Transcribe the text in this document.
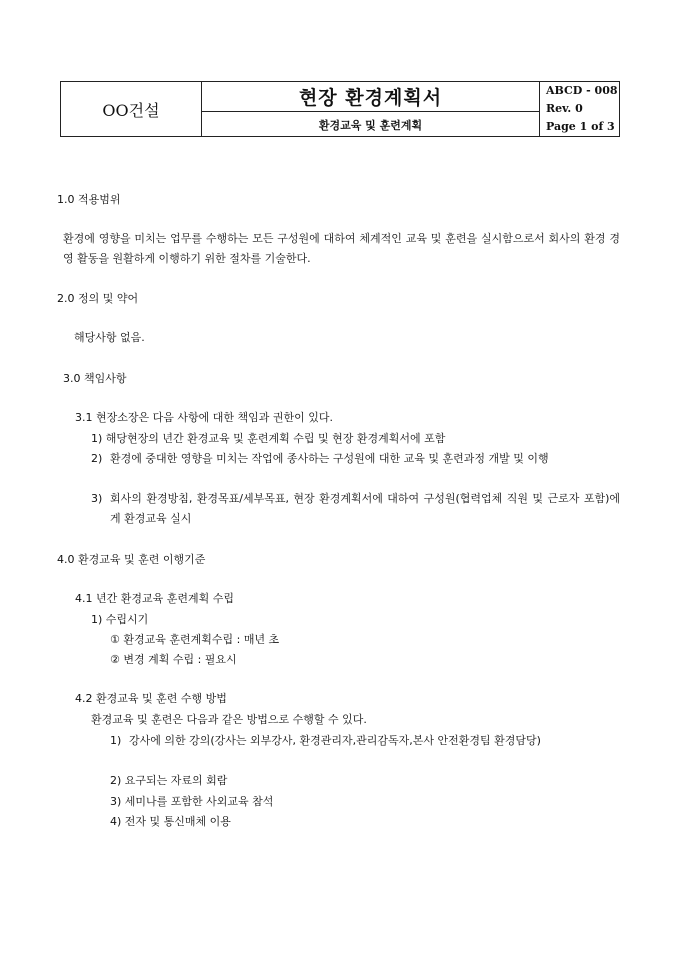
OO건설
현장 환경계획서
환경교육 및 훈련계획
ABCD - 008
Rev. 0
Page 1 of 3
1.0 적용범위
환경에 영향을 미치는 업무를 수행하는 모든 구성원에 대하여 체계적인 교육 및 훈련을 실시함으로서 회사의 환경 경영 활동을 원활하게 이행하기 위한 절차를 기술한다.
2.0 정의 및 약어
해당사항 없음.
3.0 책임사항
3.1 현장소장은 다음 사항에 대한 책임과 권한이 있다.
1) 해당현장의 년간 환경교육 및 훈련계획 수립 및 현장 환경계획서에 포함
2) 환경에 중대한 영향을 미치는 작업에 종사하는 구성원에 대한 교육 및 훈련과정 개발 및 이행
3) 회사의 환경방침, 환경목표/세부목표, 현장 환경계획서에 대하여 구성원(협력업체 직원 및 근로자 포함)에게 환경교육 실시
4.0 환경교육 및 훈련 이행기준
4.1 년간 환경교육 훈련계획 수립
1) 수립시기
① 환경교육 훈련계획수립 : 매년 초
② 변경 계획 수립 : 필요시
4.2 환경교육 및 훈련 수행 방법
환경교육 및 훈련은 다음과 같은 방법으로 수행할 수 있다.
1) 강사에 의한 강의(강사는 외부강사, 환경관리자,관리감독자,본사 안전환경팀 환경담당)
2) 요구되는 자료의 회람
3) 세미나를 포함한 사외교육 참석
4) 전자 및 통신매체 이용
